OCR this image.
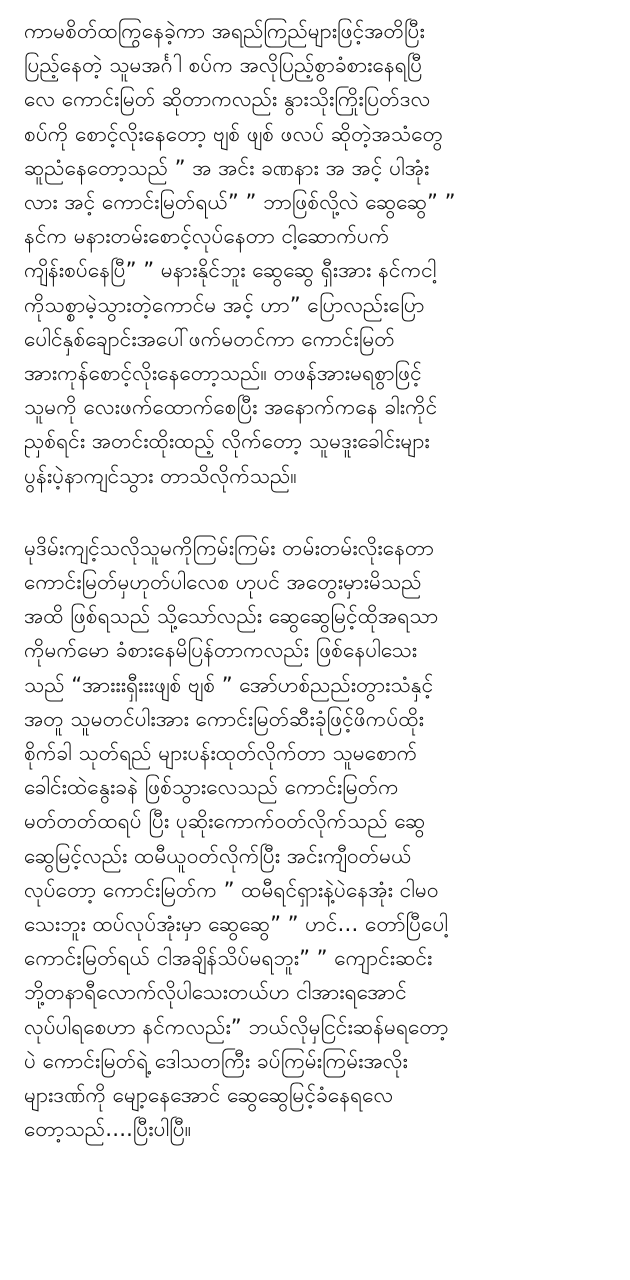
ကာမစိတ်ထကြွနေခဲ့ကာ အရည်ကြည်များဖြင့်အတိပြီး
ပြည့်နေတဲ့ သူမအင်္ဂါ စပ်က အလိုပြည့်စွာခံစားနေရပြီ
လေ ကောင်းမြတ် ဆိုတာကလည်း နွားသိုးကြိုးပြတ်ဒလ
စပ်ကို စောင့်လိုးနေတော့ ဗျစ် ဖျစ် ဖလပ် ဆိုတဲ့အသံတွေ
ဆူညံနေတော့သည် ” အ အင်း ခဏနား အ အင့် ပါအုံး
လား အင့် ကောင်းမြတ်ရယ်” ” ဘာဖြစ်လို့လဲ ဆွေဆွေ” ”
နင်က မနားတမ်းစောင့်လုပ်နေတာ ငါ့ဆောက်ပက်
ကျိန်းစပ်နေပြီ” ” မနားနိုင်ဘူး ဆွေဆွေ ရှီးအား နင်ကငါ့
ကိုသစ္စာမဲ့သွားတဲ့ကောင်မ အင့် ဟာ” ပြောလည်းပြော
ပေါင်နှစ်ချောင်းအပေါ်ဖက်မတင်ကာ ကောင်းမြတ်
အားကုန်စောင့်လိုးနေတော့သည်။ တဖန်အားမရစွာဖြင့်
သူမကို လေးဖက်ထောက်စေပြီး အနောက်ကနေ ခါးကိုင်
ညှစ်ရင်း အတင်းထိုးထည့် လိုက်တော့ သူမဒူးခေါင်းများ
ပွန်းပဲ့နာကျင်သွား တာသိလိုက်သည်။

မုဒိမ်းကျင့်သလိုသူမကိုကြမ်းကြမ်း တမ်းတမ်းလိုးနေတာ
ကောင်းမြတ်မှဟုတ်ပါလေစ ဟုပင် အတွေးမှားမိသည်
အထိ ဖြစ်ရသည် သို့သော်လည်း ဆွေဆွေမြင့်ထိုအရသာ
ကိုမက်မော ခံစားနေမိပြန်တာကလည်း ဖြစ်နေပါသေး
သည် “အားးးရှီးးးဖျစ် ဗျစ် ” အော်ဟစ်ညည်းတွားသံနှင့်
အတူ သူမတင်ပါးအား ကောင်းမြတ်ဆီးခုံဖြင့်ဖိကပ်ထိုး
စိုက်ခါ သုတ်ရည် များပန်းထုတ်လိုက်တာ သူမစောက်
ခေါင်းထဲနွေးခနဲ ဖြစ်သွားလေသည် ကောင်းမြတ်က
မတ်တတ်ထရပ် ပြီး ပုဆိုးကောက်ဝတ်လိုက်သည် ဆွေ
ဆွေမြင့်လည်း ထမီယူဝတ်လိုက်ပြီး အင်းကျီဝတ်မယ်
လုပ်တော့ ကောင်းမြတ်က ” ထမီရင်ရှားနဲ့ပဲနေအုံး ငါမဝ
သေးဘူး ထပ်လုပ်အုံးမှာ ဆွေဆွေ” ” ဟင်… တော်ပြီပေါ့
ကောင်းမြတ်ရယ် ငါအချိန်သိပ်မရဘူး” ” ကျောင်းဆင်း
ဘို့တနာရီလောက်လိုပါသေးတယ်ဟ ငါအားရအောင်
လုပ်ပါရစေဟာ နင်ကလည်း” ဘယ်လိုမှငြင်းဆန်မရတော့
ပဲ ကောင်းမြတ်ရဲ့ ဒေါသတကြီး ခပ်ကြမ်းကြမ်းအလိုး
များဒဏ်ကို မျော့နေအောင် ဆွေဆွေမြင့်ခံနေရလေ
တော့သည်….ပြီးပါပြီ။
